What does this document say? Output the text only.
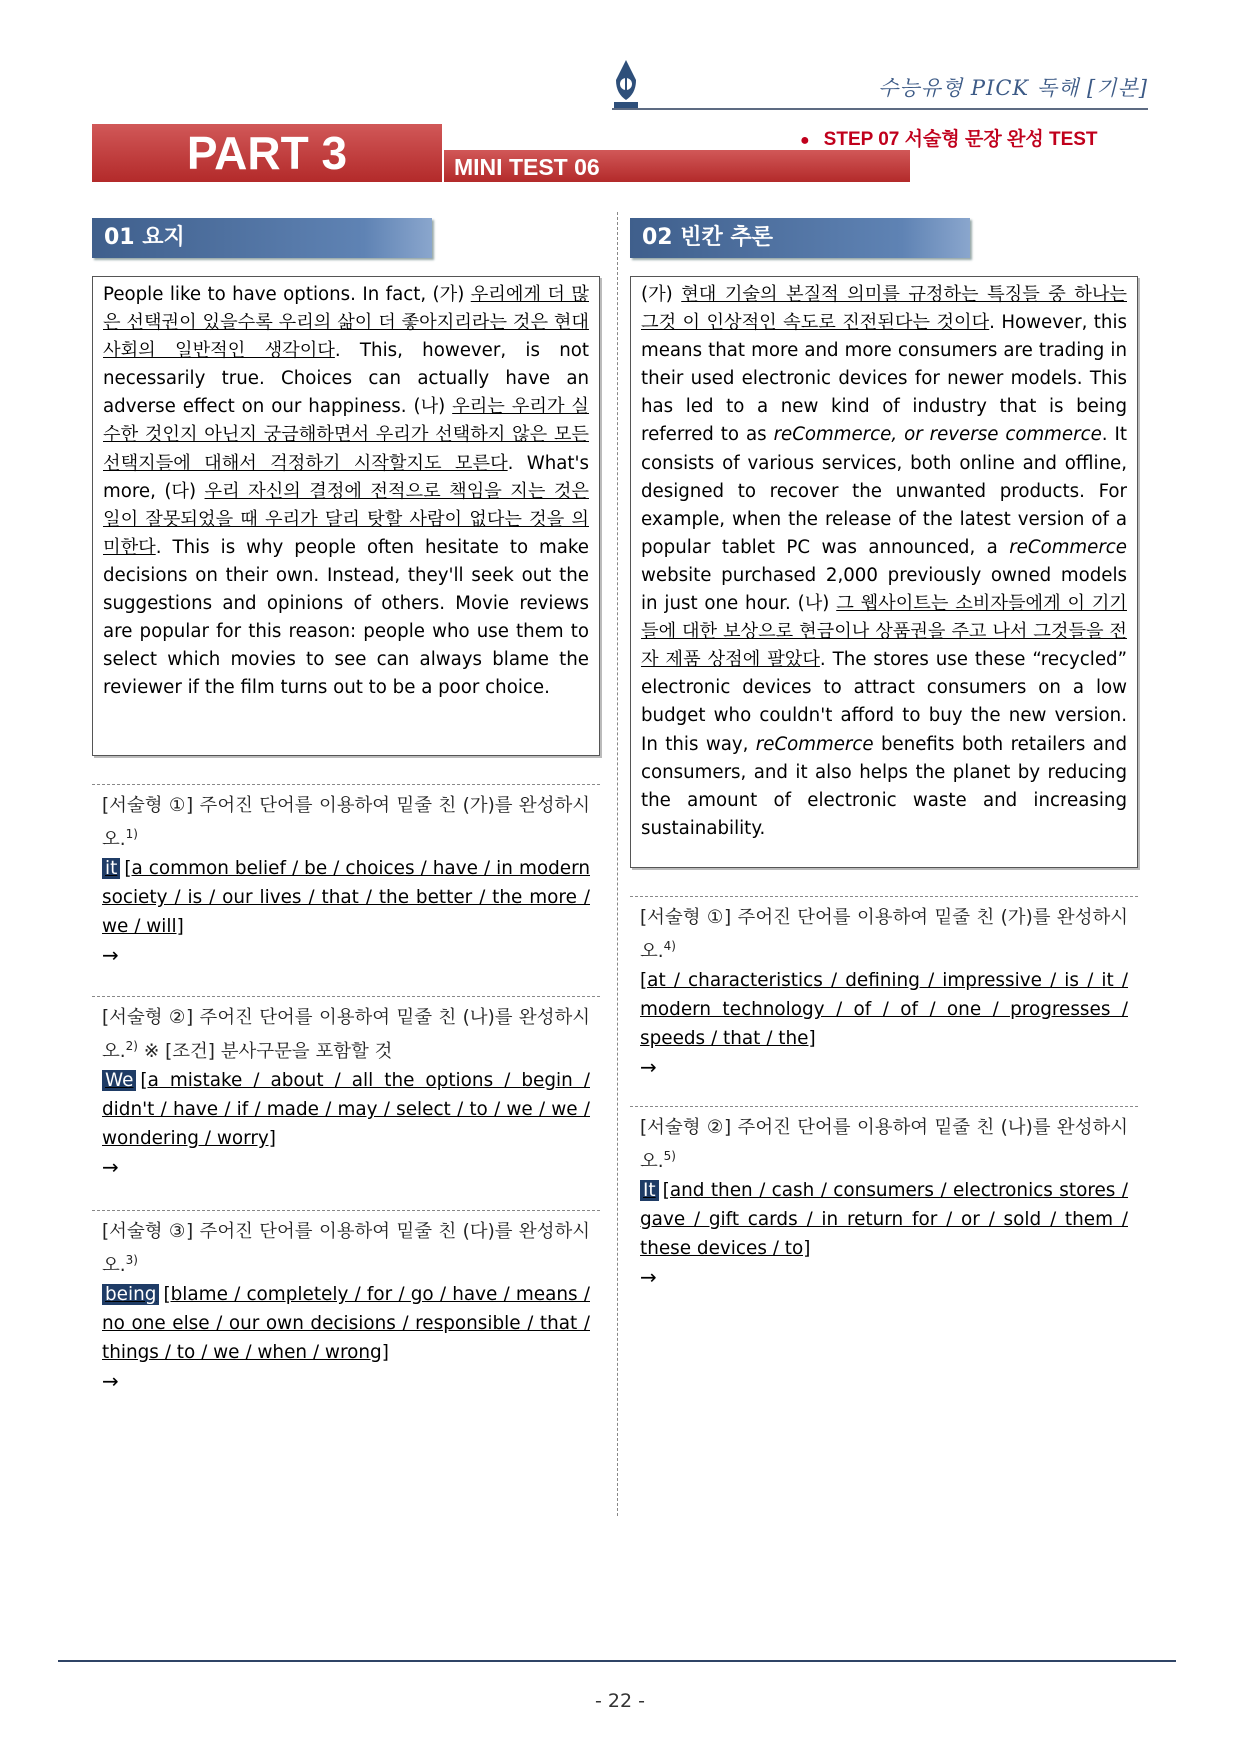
수능유형 PICK 독해 [기본]
● STEP 07 서술형 문장 완성 TEST
PART 3	MINI TEST 06
01 요지

People like to have options. In fact, (가) 우리에게 더 많은 선택권이 있을수록 우리의 삶이 더 좋아지리라는 것은 현대 사회의 일반적인 생각이다. This, however, is not necessarily true. Choices can actually have an adverse effect on our happiness. (나) 우리는 우리가 실수한 것인지 아닌지 궁금해하면서 우리가 선택하지 않은 모든 선택지들에 대해서 걱정하기 시작할지도 모른다. What's more, (다) 우리 자신의 결정에 전적으로 책임을 지는 것은 일이 잘못되었을 때 우리가 달리 탓할 사람이 없다는 것을 의미한다. This is why people often hesitate to make decisions on their own. Instead, they'll seek out the suggestions and opinions of others. Movie reviews are popular for this reason: people who use them to select which movies to see can always blame the reviewer if the film turns out to be a poor choice.

[서술형 ①] 주어진 단어를 이용하여 밑줄 친 (가)를 완성하시오.$^{1)}$
it [a common belief / be / choices / have / in modern society / is / our lives / that / the better / the more / we / will]
→
[서술형 ②] 주어진 단어를 이용하여 밑줄 친 (나)를 완성하시오.$^{2)}$ ※ [조건] 분사구문을 포함할 것
We [a mistake / about / all the options / begin / didn't / have / if / made / may / select / to / we / we / wondering / worry]
→
[서술형 ③] 주어진 단어를 이용하여 밑줄 친 (다)를 완성하시오.$^{3)}$
being [blame / completely / for / go / have / means / no one else / our own decisions / responsible / that / things / to / we / when / wrong]
→
02 빈칸 추론

(가) 현대 기술의 본질적 의미를 규정하는 특징들 중 하나는 그것 이 인상적인 속도로 진전된다는 것이다. However, this means that more and more consumers are trading in their used electronic devices for newer models. This has led to a new kind of industry that is being referred to as reCommerce, or reverse commerce. It consists of various services, both online and offline, designed to recover the unwanted products. For example, when the release of the latest version of a popular tablet PC was announced, a reCommerce website purchased 2,000 previously owned models in just one hour. (나) 그 웹사이트는 소비자들에게 이 기기들에 대한 보상으로 현금이나 상품권을 주고 나서 그것들을 전자 제품 상점에 팔았다. The stores use these “recycled” electronic devices to attract consumers on a low budget who couldn't afford to buy the new version. In this way, reCommerce benefits both retailers and consumers, and it also helps the planet by reducing the amount of electronic waste and increasing sustainability.

[서술형 ①] 주어진 단어를 이용하여 밑줄 친 (가)를 완성하시오.$^{4)}$
[at / characteristics / defining / impressive / is / it / modern technology / of / of / one / progresses / speeds / that / the]
→
[서술형 ②] 주어진 단어를 이용하여 밑줄 친 (나)를 완성하시오.$^{5)}$
It [and then / cash / consumers / electronics stores / gave / gift cards / in return for / or / sold / them / these devices / to]
→
- 22 -
